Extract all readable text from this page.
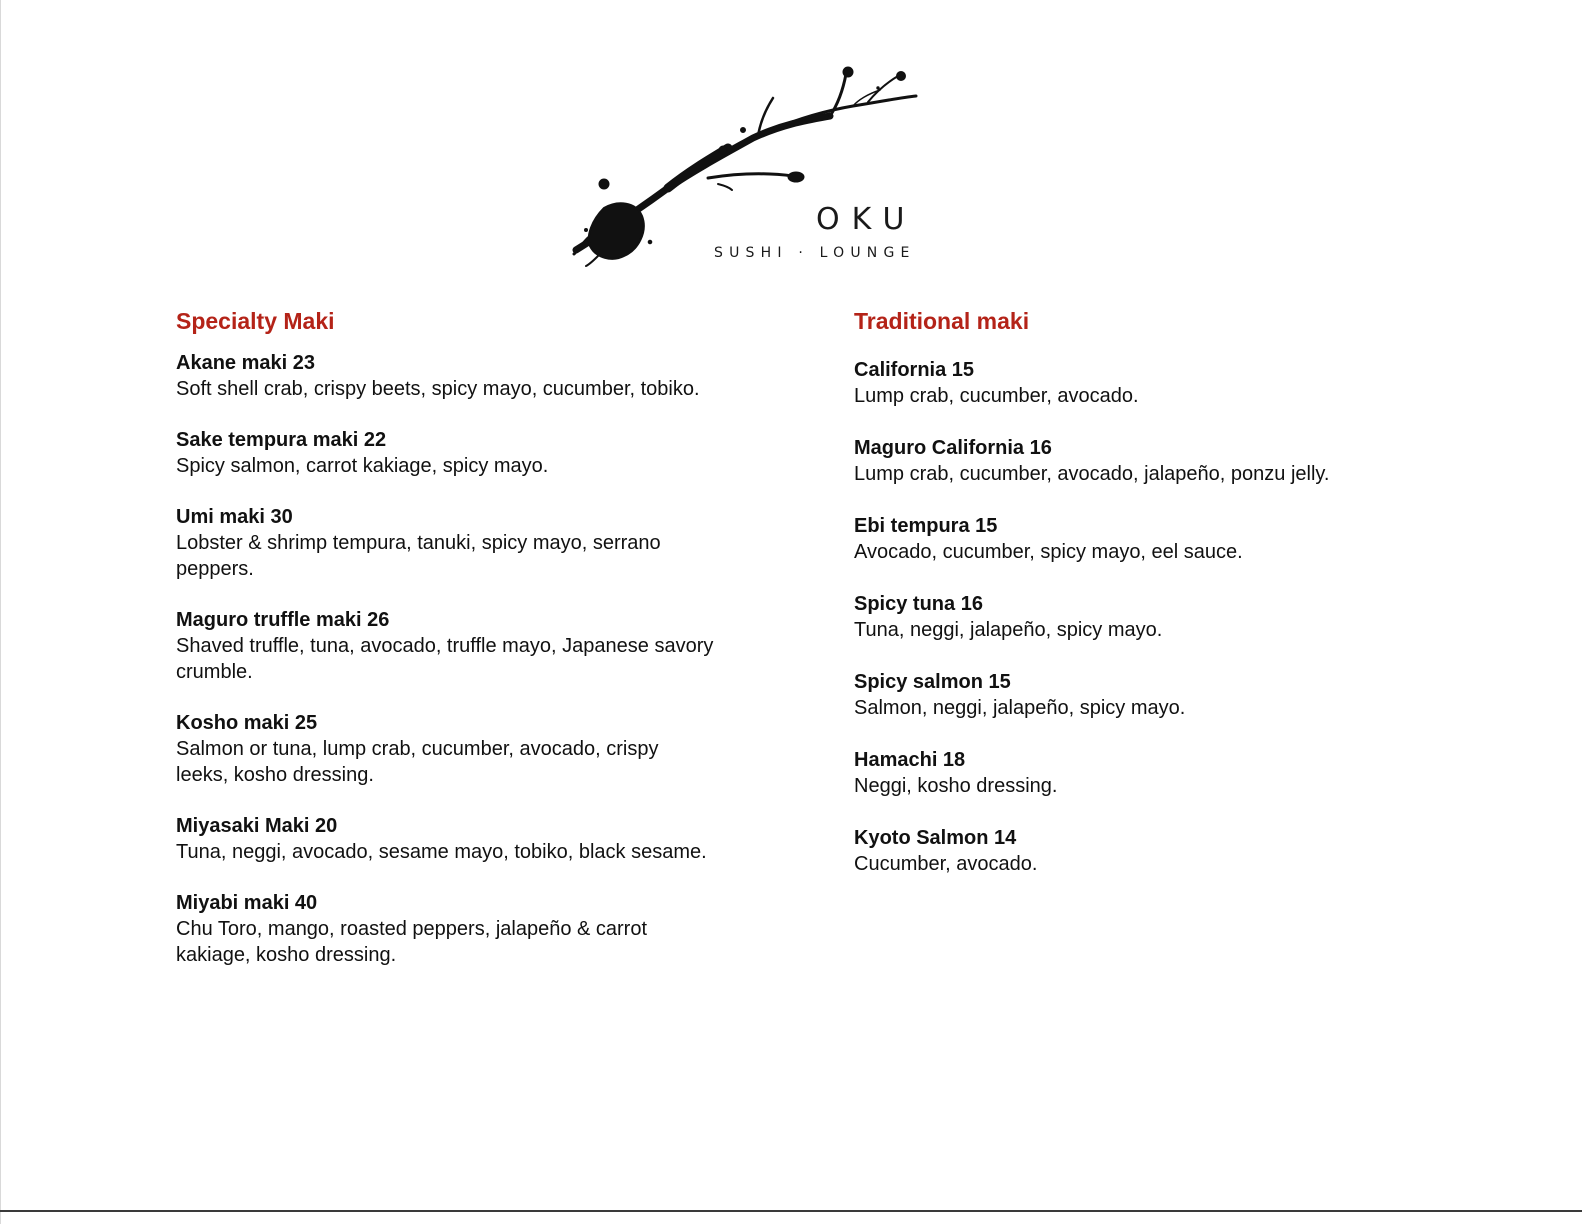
OKU
SUSHI · LOUNGE
Specialty Maki
Akane maki 23
Soft shell crab, crispy beets, spicy mayo, cucumber, tobiko.
Sake tempura maki 22
Spicy salmon, carrot kakiage, spicy mayo.
Umi maki 30
Lobster & shrimp tempura, tanuki, spicy mayo, serrano peppers.
Maguro truffle maki 26
Shaved truffle, tuna, avocado, truffle mayo, Japanese savory crumble.
Kosho maki 25
Salmon or tuna, lump crab, cucumber, avocado, crispy leeks, kosho dressing.
Miyasaki Maki 20
Tuna, neggi, avocado, sesame mayo, tobiko, black sesame.
Miyabi maki 40
Chu Toro, mango, roasted peppers, jalapeño & carrot kakiage, kosho dressing.
Traditional maki
California 15
Lump crab, cucumber, avocado.
Maguro California 16
Lump crab, cucumber, avocado, jalapeño, ponzu jelly.
Ebi tempura 15
Avocado, cucumber, spicy mayo, eel sauce.
Spicy tuna 16
Tuna, neggi, jalapeño, spicy mayo.
Spicy salmon 15
Salmon, neggi, jalapeño, spicy mayo.
Hamachi 18
Neggi, kosho dressing.
Kyoto Salmon 14
Cucumber, avocado.
